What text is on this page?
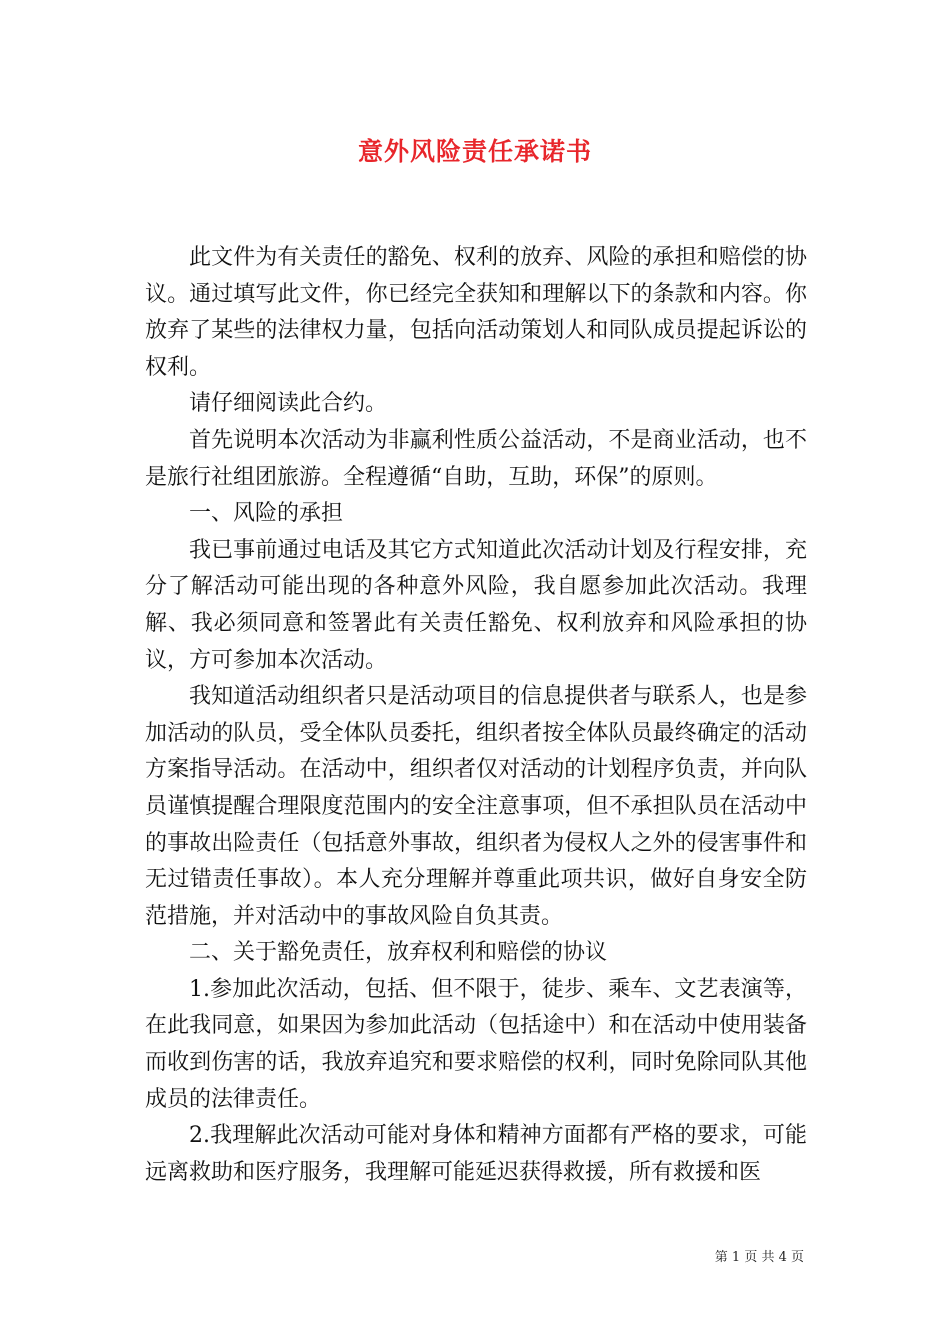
意外风险责任承诺书

此文件为有关责任的豁免、权利的放弃、风险的承担和赔偿的协议。通过填写此文件，你已经完全获知和理解以下的条款和内容。你放弃了某些的法律权力量，包括向活动策划人和同队成员提起诉讼的权利。

请仔细阅读此合约。

首先说明本次活动为非赢利性质公益活动，不是商业活动，也不是旅行社组团旅游。全程遵循“自助，互助，环保”的原则。

一、风险的承担

我已事前通过电话及其它方式知道此次活动计划及行程安排，充分了解活动可能出现的各种意外风险，我自愿参加此次活动。我理解、我必须同意和签署此有关责任豁免、权利放弃和风险承担的协议，方可参加本次活动。

我知道活动组织者只是活动项目的信息提供者与联系人，也是参加活动的队员，受全体队员委托，组织者按全体队员最终确定的活动方案指导活动。在活动中，组织者仅对活动的计划程序负责，并向队员谨慎提醒合理限度范围内的安全注意事项，但不承担队员在活动中的事故出险责任（包括意外事故，组织者为侵权人之外的侵害事件和无过错责任事故）。本人充分理解并尊重此项共识，做好自身安全防范措施，并对活动中的事故风险自负其责。

二、关于豁免责任，放弃权利和赔偿的协议

1.参加此次活动，包括、但不限于，徒步、乘车、文艺表演等，在此我同意，如果因为参加此活动（包括途中）和在活动中使用装备而收到伤害的话，我放弃追究和要求赔偿的权利，同时免除同队其他成员的法律责任。

2.我理解此次活动可能对身体和精神方面都有严格的要求，可能远离救助和医疗服务，我理解可能延迟获得救援，所有救援和医

第 1 页 共 4 页
